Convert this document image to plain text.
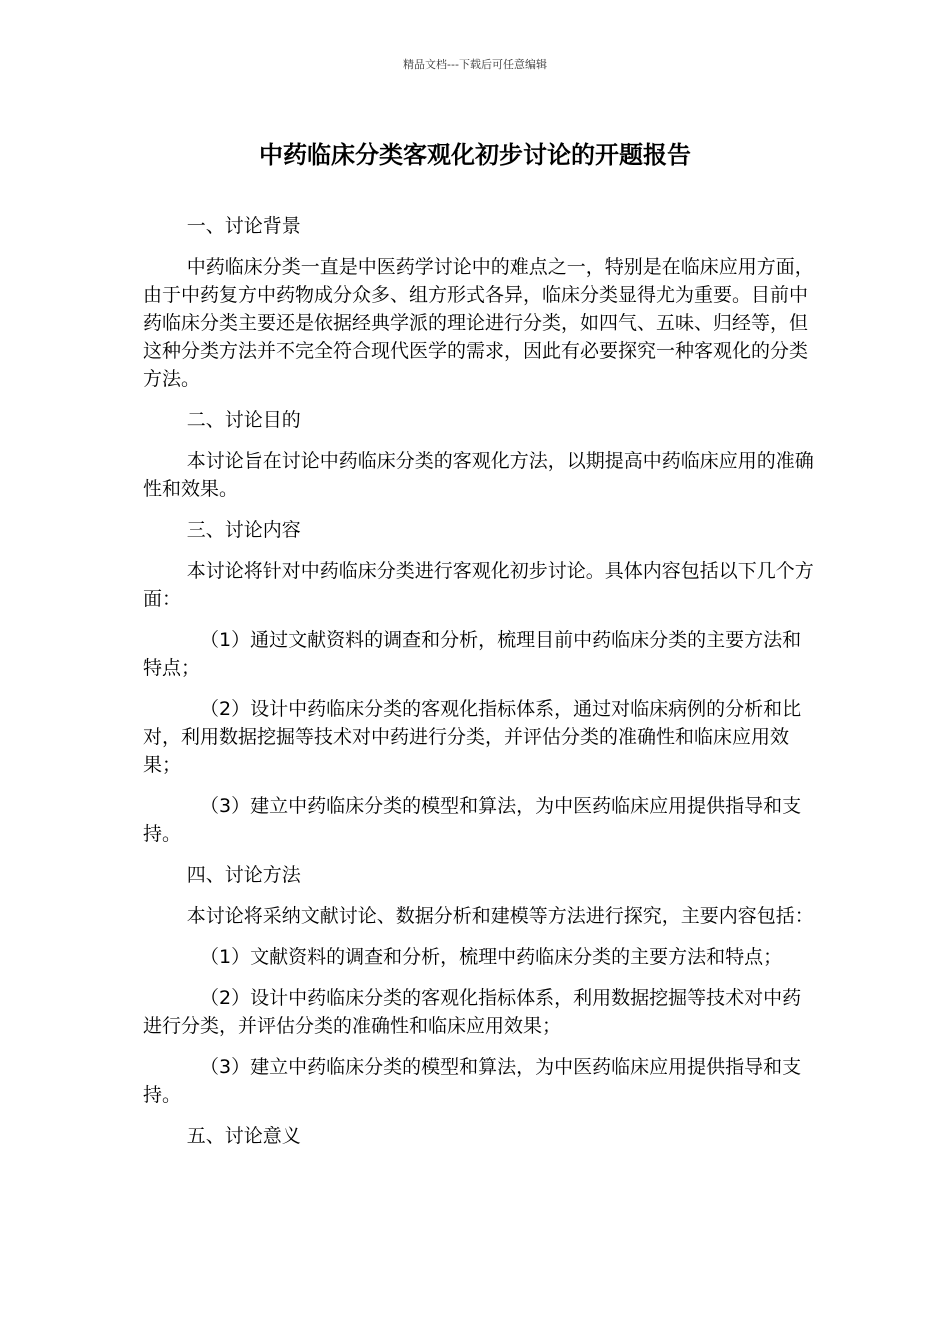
精品文档---下载后可任意编辑
中药临床分类客观化初步讨论的开题报告
一、讨论背景

中药临床分类一直是中医药学讨论中的难点之一，特别是在临床应用方面，由于中药复方中药物成分众多、组方形式各异，临床分类显得尤为重要。目前中药临床分类主要还是依据经典学派的理论进行分类，如四气、五味、归经等，但这种分类方法并不完全符合现代医学的需求，因此有必要探究一种客观化的分类方法。

二、讨论目的

本讨论旨在讨论中药临床分类的客观化方法，以期提高中药临床应用的准确性和效果。

三、讨论内容

本讨论将针对中药临床分类进行客观化初步讨论。具体内容包括以下几个方面：

（1）通过文献资料的调查和分析，梳理目前中药临床分类的主要方法和特点；

（2）设计中药临床分类的客观化指标体系，通过对临床病例的分析和比对，利用数据挖掘等技术对中药进行分类，并评估分类的准确性和临床应用效果；

（3）建立中药临床分类的模型和算法，为中医药临床应用提供指导和支持。

四、讨论方法

本讨论将采纳文献讨论、数据分析和建模等方法进行探究，主要内容包括：

（1）文献资料的调查和分析，梳理中药临床分类的主要方法和特点；

（2）设计中药临床分类的客观化指标体系，利用数据挖掘等技术对中药进行分类，并评估分类的准确性和临床应用效果；

（3）建立中药临床分类的模型和算法，为中医药临床应用提供指导和支持。

五、讨论意义
